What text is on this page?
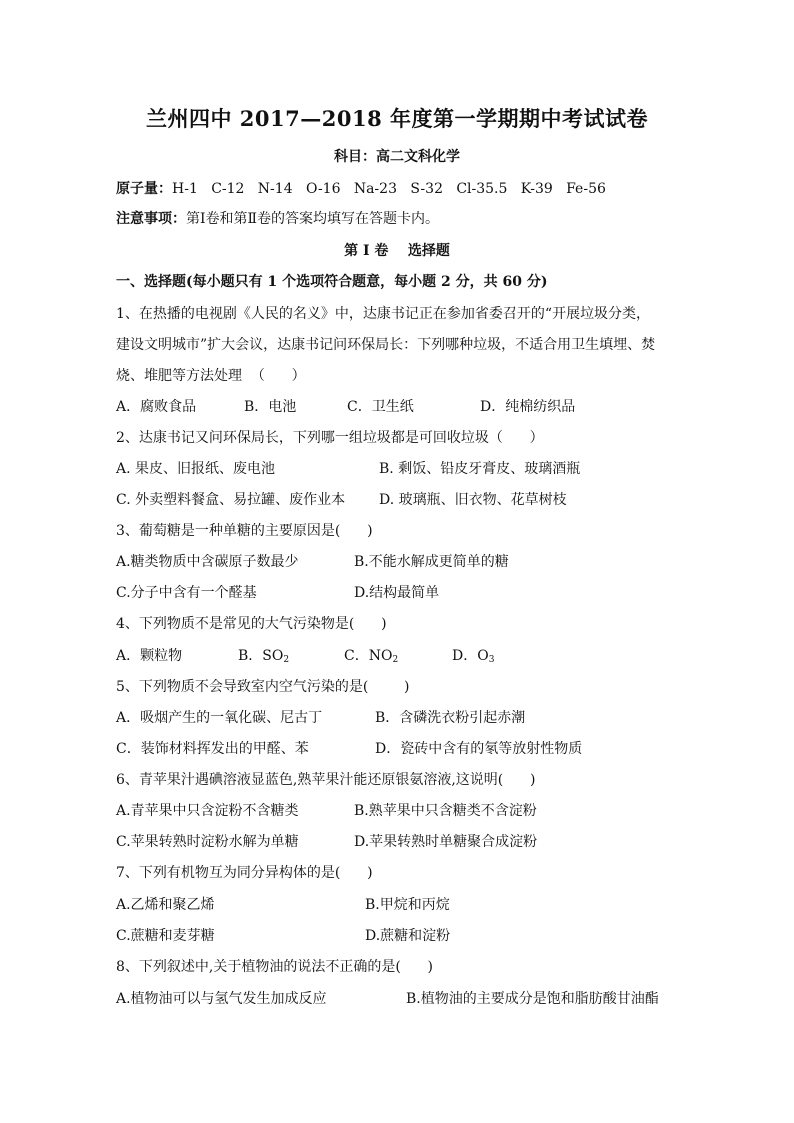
兰州四中 2017—2018 年度第一学期期中考试试卷
科目：高二文科化学
原子量：H-1   C-12   N-14   O-16   Na-23   S-32   Cl-35.5   K-39   Fe-56
注意事项：第Ⅰ卷和第Ⅱ卷的答案均填写在答题卡内。
第 I 卷    选择题
一、选择题(每小题只有 1 个选项符合题意，每小题 2 分，共 60 分)
1、在热播的电视剧《人民的名义》中，达康书记正在参加省委召开的“开展垃圾分类，
建设文明城市”扩大会议，达康书记问环保局长：下列哪种垃圾，不适合用卫生填埋、焚
烧、堆肥等方法处理  （      ）
A．腐败食品	B．电池	C．卫生纸	D．纯棉纺织品
2、达康书记又问环保局长，下列哪一组垃圾都是可回收垃圾（      ）
A. 果皮、旧报纸、废电池	B. 剩饭、铅皮牙膏皮、玻璃酒瓶
C. 外卖塑料餐盒、易拉罐、废作业本 D. 玻璃瓶、旧衣物、花草树枝
3、葡萄糖是一种单糖的主要原因是(      )
A.糖类物质中含碳原子数最少	B.不能水解成更简单的糖
C.分子中含有一个醛基	D.结构最简单
4、下列物质不是常见的大气污染物是(      )
A．颗粒物	B．$SO_2$	C．$NO_2$	D．$O_3$
5、下列物质不会导致室内空气污染的是(        )
A．吸烟产生的一氧化碳、尼古丁	B．含磷洗衣粉引起赤潮
C．装饰材料挥发出的甲醛、苯	D．瓷砖中含有的氡等放射性物质
6、青苹果汁遇碘溶液显蓝色,熟苹果汁能还原银氨溶液,这说明(      )
A.青苹果中只含淀粉不含糖类	B.熟苹果中只含糖类不含淀粉
C.苹果转熟时淀粉水解为单糖	D.苹果转熟时单糖聚合成淀粉
7、下列有机物互为同分异构体的是(      )
A.乙烯和聚乙烯	B.甲烷和丙烷
C.蔗糖和麦芽糖	D.蔗糖和淀粉
8、下列叙述中,关于植物油的说法不正确的是(      )
A.植物油可以与氢气发生加成反应	B.植物油的主要成分是饱和脂肪酸甘油酯
